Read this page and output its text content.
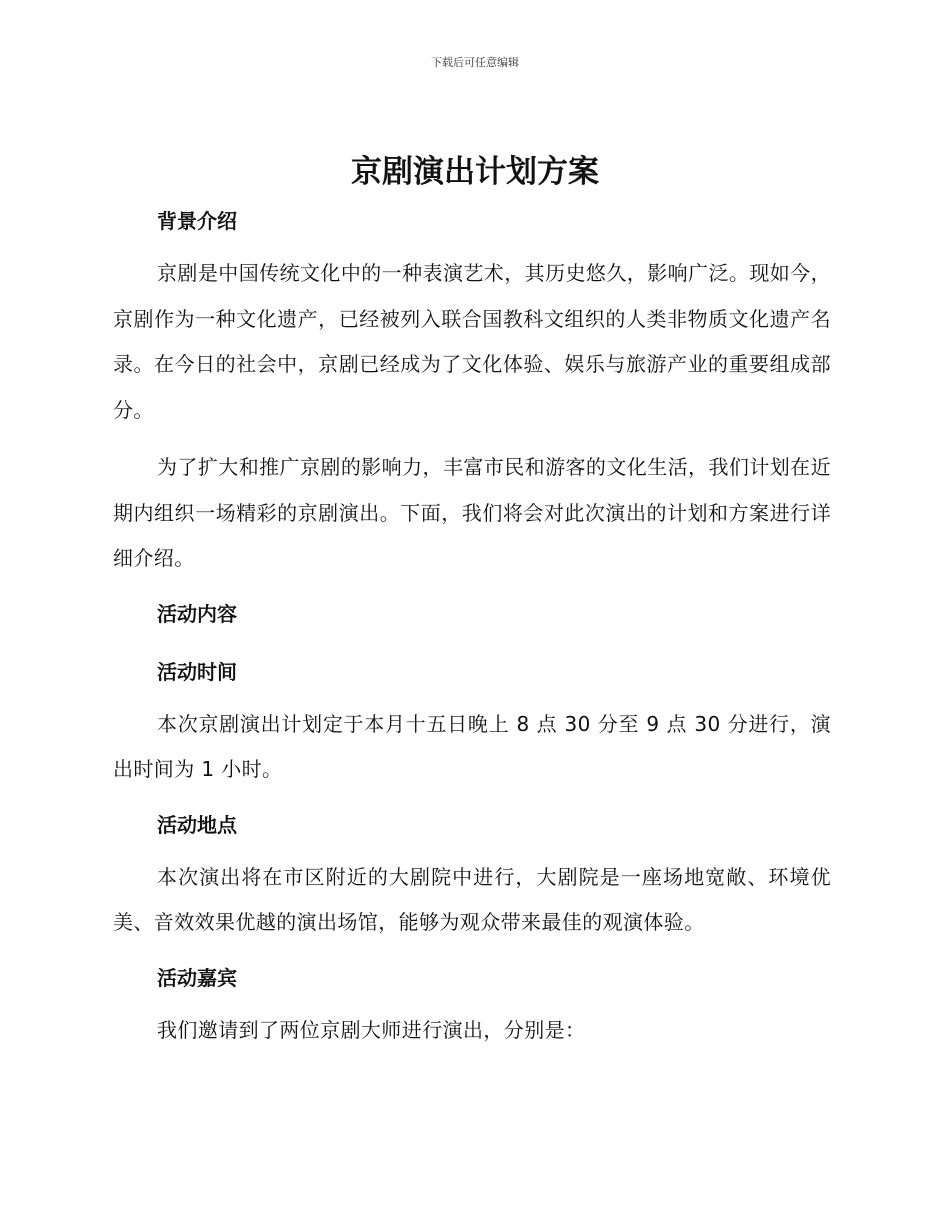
下载后可任意编辑
京剧演出计划方案
背景介绍

京剧是中国传统文化中的一种表演艺术，其历史悠久，影响广泛。现如今，京剧作为一种文化遗产，已经被列入联合国教科文组织的人类非物质文化遗产名录。在今日的社会中，京剧已经成为了文化体验、娱乐与旅游产业的重要组成部分。

为了扩大和推广京剧的影响力，丰富市民和游客的文化生活，我们计划在近期内组织一场精彩的京剧演出。下面，我们将会对此次演出的计划和方案进行详细介绍。

活动内容
活动时间

本次京剧演出计划定于本月十五日晚上 8 点 30 分至 9 点 30 分进行，演出时间为 1 小时。

活动地点

本次演出将在市区附近的大剧院中进行，大剧院是一座场地宽敞、环境优美、音效效果优越的演出场馆，能够为观众带来最佳的观演体验。

活动嘉宾

我们邀请到了两位京剧大师进行演出，分别是：
